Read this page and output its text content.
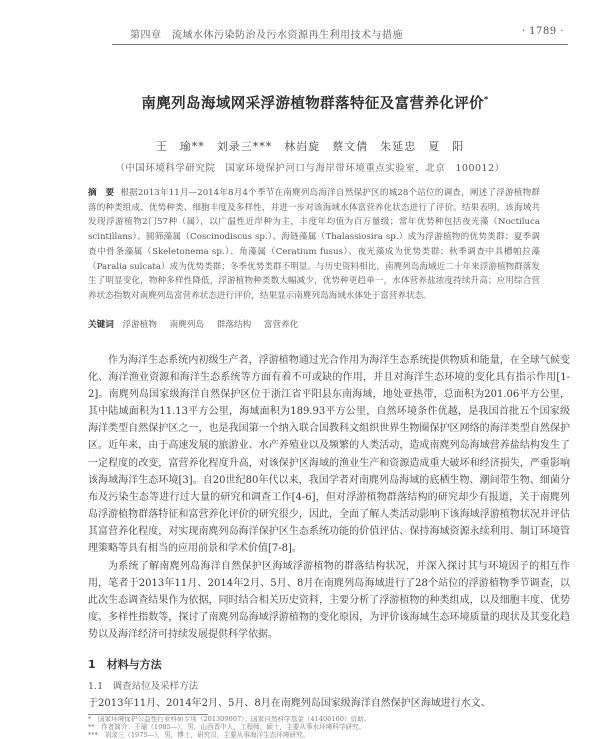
第四章　流域水体污染防治及污水资源再生利用技术与措施	· 1789 ·
南麂列岛海域网采浮游植物群落特征及富营养化评价*
王　瑜**　刘录三***　林岿旋　蔡文倩　朱延忠　夏　阳
（中国环境科学研究院　国家环境保护河口与海岸带环境重点实验室，北京　100012）
摘　要 根据2013年11月—2014年8月4个季节在南麂列岛海洋自然保护区的城28个站位的调查，阐述了浮游植物群落的种类组成、优势种类、细胞丰度及多样性，并进一步对该海域水体富营养化状态进行了评价。结果表明，该海域共发现浮游植物2门57种（属），以广温性近岸种为主，丰度年均值为百万量级；常年优势种包括夜光藻（Noctiluca scintillans）、圆筛藻属（Coscinodiscus sp.）、海链藻属（Thalassiosira sp.）成为浮游植物的优势类群；夏季调查中骨条藻属（Skeletonema sp.）、角藻属（Ceratium fusus）、夜光藻成为优势类群；秋季调查中具槽帕拉藻（Paralia sulcata）成为优势类群；冬季优势类群不明显。与历史资料相比，南麂列岛海域近二十年来浮游植物群落发生了明显变化，物种多样性降低，浮游植物种类数大幅减少，优势种更趋单一，水体营养盐浓度持续升高；应用综合营养状态指数对南麂列岛富营养状态进行评价，结果显示南麂列岛海域水体处于富营养状态。
关键词 浮游植物 南麂列岛 群落结构 富营养化
作为海洋生态系统内初级生产者，浮游植物通过光合作用为海洋生态系统提供物质和能量，在全球气候变化、海洋渔业资源和海洋生态系统等方面有着不可或缺的作用，并且对海洋生态环境的变化具有指示作用[1-2]。南麂列岛国家级海洋自然保护区位于浙江省平阳县东南海域，地处亚热带，总面积为201.06平方公里，其中陆域面积为11.13平方公里，海域面积为189.93平方公里，自然环境条件优越，是我国首批五个国家级海洋类型自然保护区之一，也是我国第一个纳入联合国教科文组织世界生物圈保护区网络的海洋类型自然保护区。近年来，由于高速发展的旅游业、水产养殖业以及频繁的人类活动，造成南麂列岛海域营养盐结构发生了一定程度的改变，富营养化程度升高，对该保护区海域的渔业生产和资源造成重大破坏和经济损失，严重影响该海域海洋生态环境[3]。自20世纪80年代以来，我国学者对南麂列岛海域的底栖生物、潮间带生物、细菌分布及污染生态等进行过大量的研究和调查工作[4-6]，但对浮游植物群落结构的研究却少有报道，关于南麂列岛浮游植物群落特征和富营养化评价的研究很少，因此，全面了解人类活动影响下该海域浮游植物状况并评估其富营养化程度，对实现南麂列岛海洋保护区生态系统功能的价值评估、保持海域资源永续利用、制订环境管理策略等具有相当的应用前景和学术价值[7-8]。
为系统了解南麂列岛海洋自然保护区海域浮游植物的群落结构状况，并深入探讨其与环境因子的相互作用，笔者于2013年11月、2014年2月、5月、8月在南麂列岛海域进行了28个站位的浮游植物季节调查，以此次生态调查结果作为依据，同时结合相关历史资料，主要分析了浮游植物的种类组成，以及细胞丰度、优势度、多样性指数等，探讨了南麂列岛海域浮游植物的变化原因，为评价该海域生态环境质量的现状及其变化趋势以及海洋经济可持续发展提供科学依据。
1　材料与方法
1.1　调查站位及采样方法
于2013年11月、2014年2月、5月、8月在南麂列岛国家级海洋自然保护区海域进行水文、
*　国家环境保护公益性行业科研专项（201309007）；国家自然科学基金（41406160）资助。
**　作者简介：王瑜（1985—），男，山西晋中人，工程师，硕士，主要从事水环境科学研究。
***　刘录三（1975—），男，博士，研究员，主要从事海洋生态环境研究。
